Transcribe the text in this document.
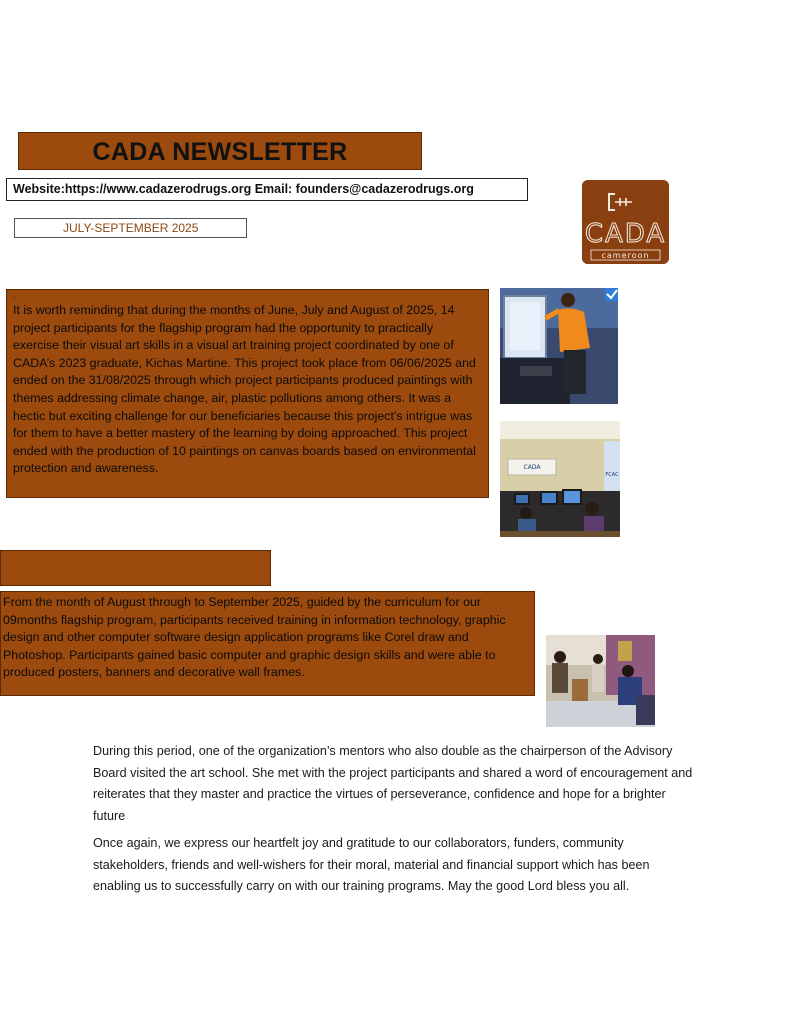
CADA NEWSLETTER
Website:https://www.cadazerodrugs.org Email: founders@cadazerodrugs.org
JULY-SEPTEMBER 2025	CADA
cameroon

.

It is worth reminding that during the months of June, July and August of 2025, 14 project participants for the flagship program had the opportunity to practically exercise their visual art skills in a visual art training project coordinated by one of CADA’s 2023 graduate, Kichas Martine. This project took place from 06/06/2025 and ended on the 31/08/2025 through which project participants produced paintings with themes addressing climate change, air, plastic pollutions among others. It was a hectic but exciting challenge for our beneficiaries because this project’s intrigue was for them to have a better mastery of the learning by doing approached. This project ended with the production of 10 paintings on canvas boards based on environmental protection and awareness.	CADA
FCAC

From the month of August through to September 2025, guided by the curriculum for our 09months flagship program, participants received training in information technology, graphic design and other computer software design application programs like Corel draw and Photoshop. Participants gained basic computer and graphic design skills and were able to produced posters, banners and decorative wall frames.

During this period, one of the organization’s mentors who also double as the chairperson of the Advisory Board visited the art school. She met with the project participants and shared a word of encouragement and reiterates that they master and practice the virtues of perseverance, confidence and hope for a brighter future

Once again, we express our heartfelt joy and gratitude to our collaborators, funders, community stakeholders, friends and well-wishers for their moral, material and financial support which has been enabling us to successfully carry on with our training programs. May the good Lord bless you all.
